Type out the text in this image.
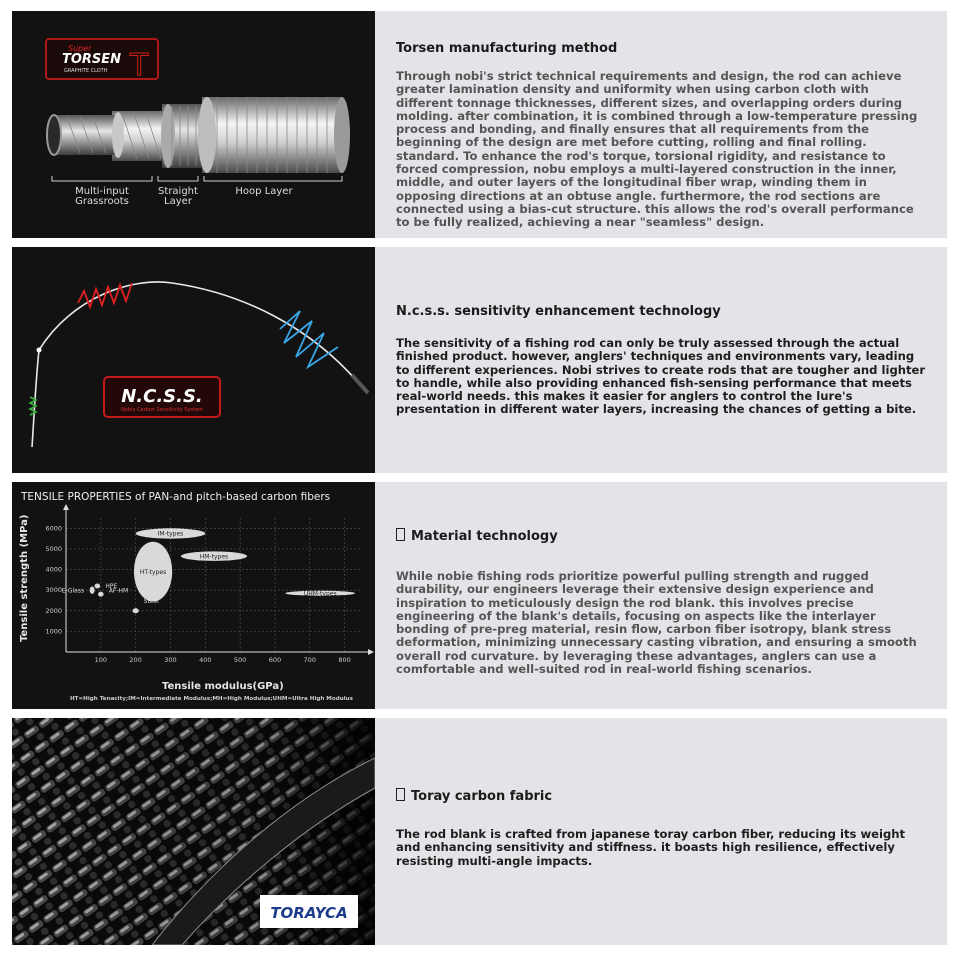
Super
TORSEN
GRAPHITE CLOTH T
Multi-input
Grassroots
Straight
Layer
Hoop Layer
Torsen manufacturing method
Through nobi's strict technical requirements and design, the rod can achieve greater lamination density and uniformity when using carbon cloth with different tonnage thicknesses, different sizes, and overlapping orders during molding. after combination, it is combined through a low-temperature pressing process and bonding, and finally ensures that all requirements from the beginning of the design are met before cutting, rolling and final rolling. standard. To enhance the rod's torque, torsional rigidity, and resistance to forced compression, nobu employs a multi-layered construction in the inner, middle, and outer layers of the longitudinal fiber wrap, winding them in opposing directions at an obtuse angle. furthermore, the rod sections are connected using a bias-cut structure. this allows the rod's overall performance to be fully realized, achieving a near "seamless" design.
N.C.S.S.
Nobly Carbon Sensitivity System
N.c.s.s. sensitivity enhancement technology
The sensitivity of a fishing rod can only be truly assessed through the actual finished product. however, anglers' techniques and environments vary, leading to different experiences. Nobi strives to create rods that are tougher and lighter to handle, while also providing enhanced fish-sensing performance that meets real-world needs. this makes it easier for anglers to control the lure's presentation in different water layers, increasing the chances of getting a bite.
TENSILE PROPERTIES of PAN-and pitch-based carbon fibers
Tensile strength (MPa)
Tensile modulus(GPa)
HT=High Tenacity;IM=Intermediate Modulus;MH=High Modulus;UHM=Ultra High Modulus
1000
2000
3000
4000
5000
6000
100	200	300	400	500	600	700	800
IM-types
HT-types
HM-types
UHM-types
HPE
AF-HM
E-Glass
Steel
Material technology
While nobie fishing rods prioritize powerful pulling strength and rugged durability, our engineers leverage their extensive design experience and inspiration to meticulously design the rod blank. this involves precise engineering of the blank's details, focusing on aspects like the interlayer bonding of pre-preg material, resin flow, carbon fiber isotropy, blank stress deformation, minimizing unnecessary casting vibration, and ensuring a smooth overall rod curvature. by leveraging these advantages, anglers can use a comfortable and well-suited rod in real-world fishing scenarios.
TORAYCA
Toray carbon fabric
The rod blank is crafted from japanese toray carbon fiber, reducing its weight and enhancing sensitivity and stiffness. it boasts high resilience, effectively resisting multi-angle impacts.
